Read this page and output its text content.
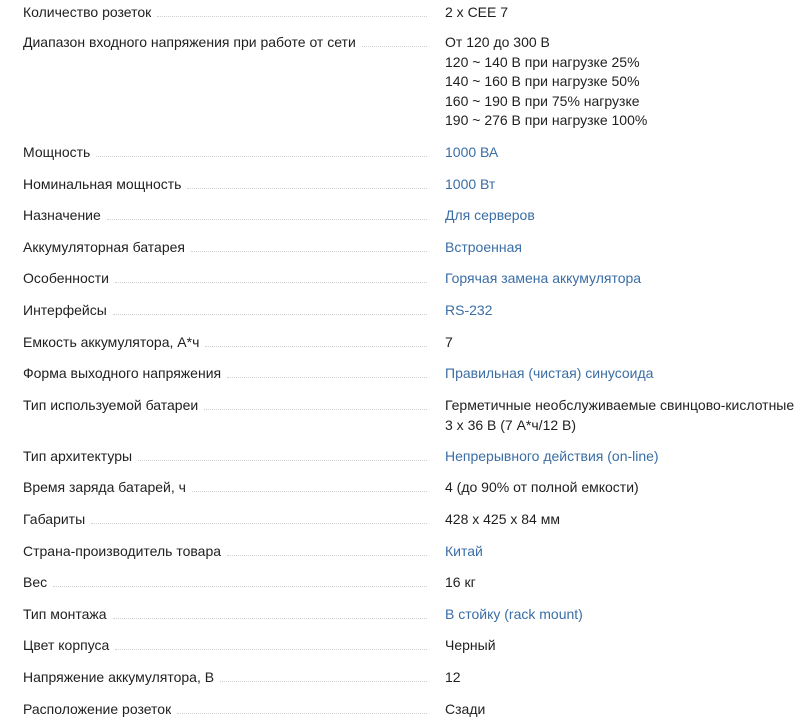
Количество розеток	2 x CEE 7
Диапазон входного напряжения при работе от сети	От 120 до 300 В
120 ~ 140 В при нагрузке 25%
140 ~ 160 В при нагрузке 50%
160 ~ 190 В при 75% нагрузке
190 ~ 276 В при нагрузке 100%
Мощность	1000 ВА
Номинальная мощность	1000 Вт
Назначение	Для серверов
Аккумуляторная батарея	Встроенная
Особенности	Горячая замена аккумулятора
Интерфейсы	RS-232
Емкость аккумулятора, А*ч	7
Форма выходного напряжения	Правильная (чистая) синусоида
Тип используемой батареи	Герметичные необслуживаемые свинцово-кислотные
3 x 36 В (7 А*ч/12 В)
Тип архитектуры	Непрерывного действия (on-line)
Время заряда батарей, ч	4 (до 90% от полной емкости)
Габариты	428 x 425 x 84 мм
Страна-производитель товара	Китай
Вес	16 кг
Тип монтажа	В стойку (rack mount)
Цвет корпуса	Черный
Напряжение аккумулятора, В	12
Расположение розеток	Сзади
